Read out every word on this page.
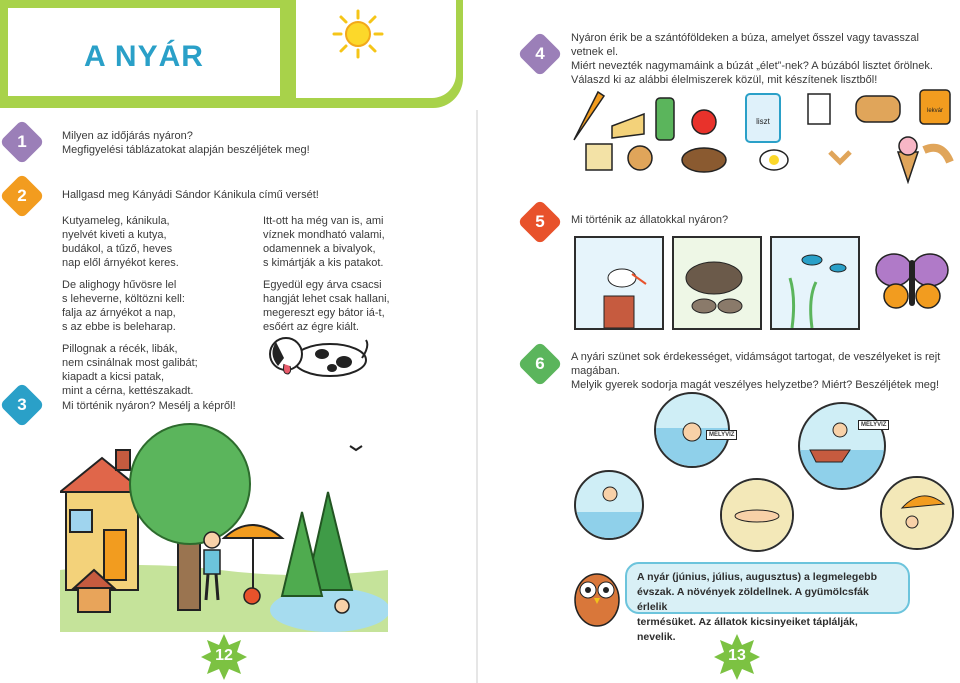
A NYÁR
1	Milyen az időjárás nyáron?

Megfigyelési táblázatokat alapján beszéljétek meg!

2	Hallgasd meg Kányádi Sándor Kánikula című versét!

Kutyameleg, kánikula,

nyelvét kiveti a kutya,

budákol, a tűző, heves

nap elől árnyékot keres.

De alighogy hűvösre lel

s leheverne, költözni kell:

falja az árnyékot a nap,

s az ebbe is beleharap.

Pillognak a récék, libák,

nem csinálnak most galibát;

kiapadt a kicsi patak,

mint a cérna, kettészakadt.

Itt-ott ha még van is, ami

víznek mondható valami,

odamennek a bivalyok,

s kimártják a kis patakot.

Egyedül egy árva csacsi

hangját lehet csak hallani,

megereszt egy bátor iá-t,

esőért az égre kiált.

3	Mi történik nyáron? Mesélj a képről!
12
4

Nyáron érik be a szántóföldeken a búza, amelyet ősszel vagy tavasszal vetnek el.

Miért nevezték nagymamáink a búzát „élet”-nek? A búzából lisztet őrölnek.

Válaszd ki az alábbi élelmiszerek közül, mit készítenek lisztből!

liszt
lekvár
5	Mi történik az állatokkal nyáron?
6	A nyári szünet sok érdekességet, vidámságot tartogat, de veszélyeket is rejt magában.

Melyik gyerek sodorja magát veszélyes helyzetbe? Miért? Beszéljétek meg!

MÉLYVÍZ
MÉLYVÍZ
A nyár (június, július, augusztus) a legmelegebb
évszak. A növények zöldellnek. A gyümölcsfák érlelik
termésüket. Az állatok kicsinyeiket táplálják, nevelik.
13
